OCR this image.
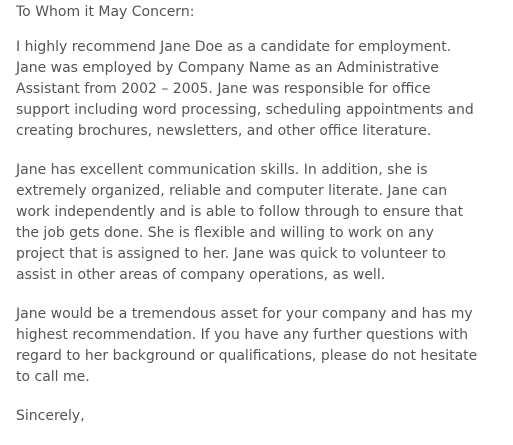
To Whom it May Concern:

I highly recommend Jane Doe as a candidate for employment.
Jane was employed by Company Name as an Administrative
Assistant from 2002 – 2005. Jane was responsible for office
support including word processing, scheduling appointments and
creating brochures, newsletters, and other office literature.

Jane has excellent communication skills. In addition, she is
extremely organized, reliable and computer literate. Jane can
work independently and is able to follow through to ensure that
the job gets done. She is flexible and willing to work on any
project that is assigned to her. Jane was quick to volunteer to
assist in other areas of company operations, as well.

Jane would be a tremendous asset for your company and has my
highest recommendation. If you have any further questions with
regard to her background or qualifications, please do not hesitate
to call me.

Sincerely,
